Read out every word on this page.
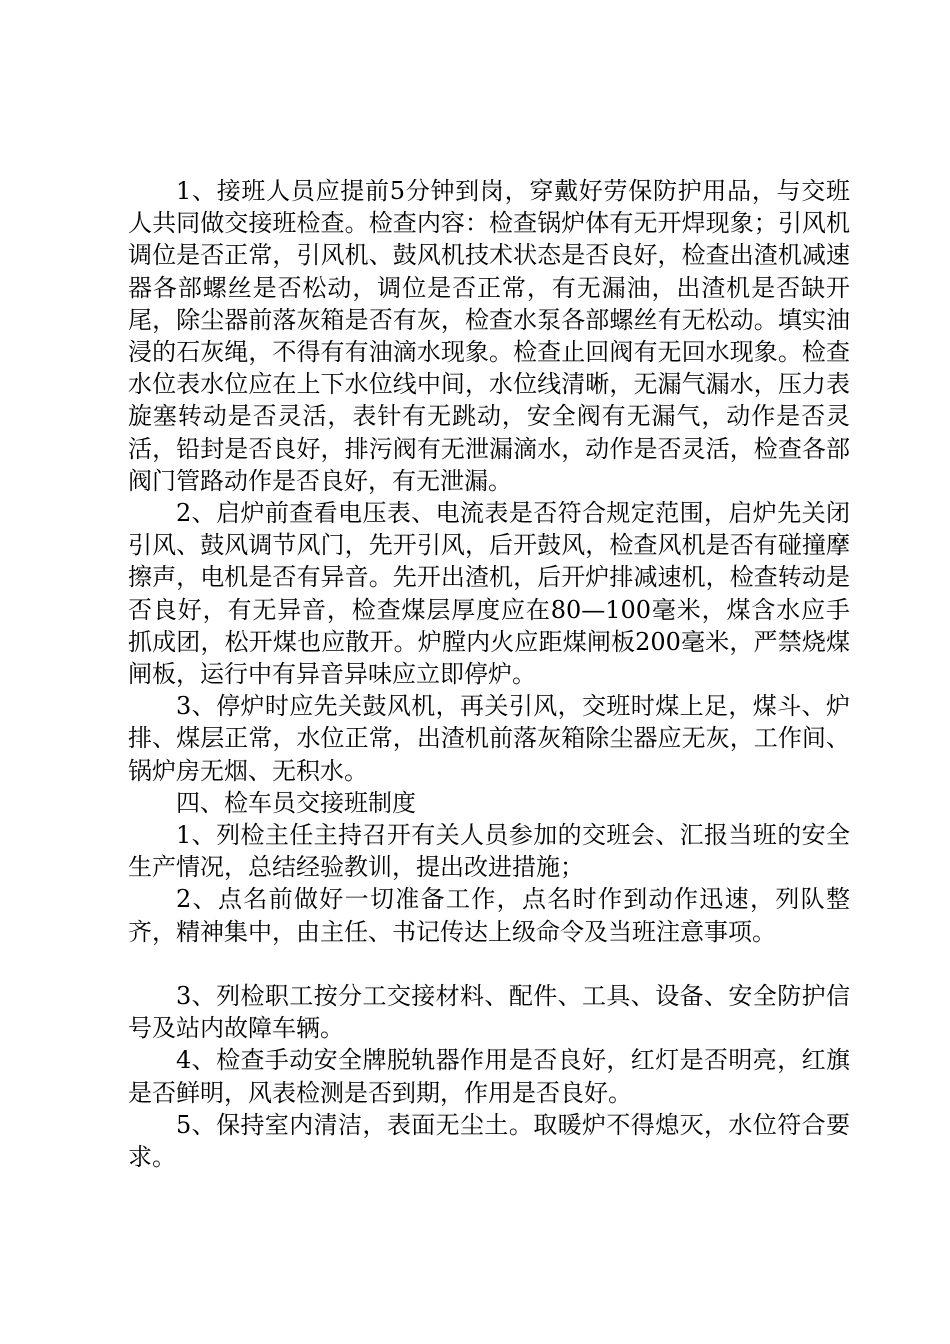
1、接班人员应提前5分钟到岗，穿戴好劳保防护用品，与交班人共同做交接班检查。检查内容：检查锅炉体有无开焊现象；引风机调位是否正常，引风机、鼓风机技术状态是否良好，检查出渣机减速器各部螺丝是否松动，调位是否正常，有无漏油，出渣机是否缺开尾，除尘器前落灰箱是否有灰，检查水泵各部螺丝有无松动。填实油浸的石灰绳，不得有有油滴水现象。检查止回阀有无回水现象。检查水位表水位应在上下水位线中间，水位线清晰，无漏气漏水，压力表旋塞转动是否灵活，表针有无跳动，安全阀有无漏气，动作是否灵活，铅封是否良好，排污阀有无泄漏滴水，动作是否灵活，检查各部阀门管路动作是否良好，有无泄漏。

2、启炉前查看电压表、电流表是否符合规定范围，启炉先关闭引风、鼓风调节风门，先开引风，后开鼓风，检查风机是否有碰撞摩擦声，电机是否有异音。先开出渣机，后开炉排减速机，检查转动是否良好，有无异音，检查煤层厚度应在80—100毫米，煤含水应手抓成团，松开煤也应散开。炉膛内火应距煤闸板200毫米，严禁烧煤闸板，运行中有异音异味应立即停炉。

3、停炉时应先关鼓风机，再关引风，交班时煤上足，煤斗、炉排、煤层正常，水位正常，出渣机前落灰箱除尘器应无灰，工作间、锅炉房无烟、无积水。

四、检车员交接班制度

1、列检主任主持召开有关人员参加的交班会、汇报当班的安全生产情况，总结经验教训，提出改进措施；

2、点名前做好一切准备工作，点名时作到动作迅速，列队整齐，精神集中，由主任、书记传达上级命令及当班注意事项。

3、列检职工按分工交接材料、配件、工具、设备、安全防护信号及站内故障车辆。

4、检查手动安全牌脱轨器作用是否良好，红灯是否明亮，红旗是否鲜明，风表检测是否到期，作用是否良好。

5、保持室内清洁，表面无尘土。取暖炉不得熄灭，水位符合要求。
